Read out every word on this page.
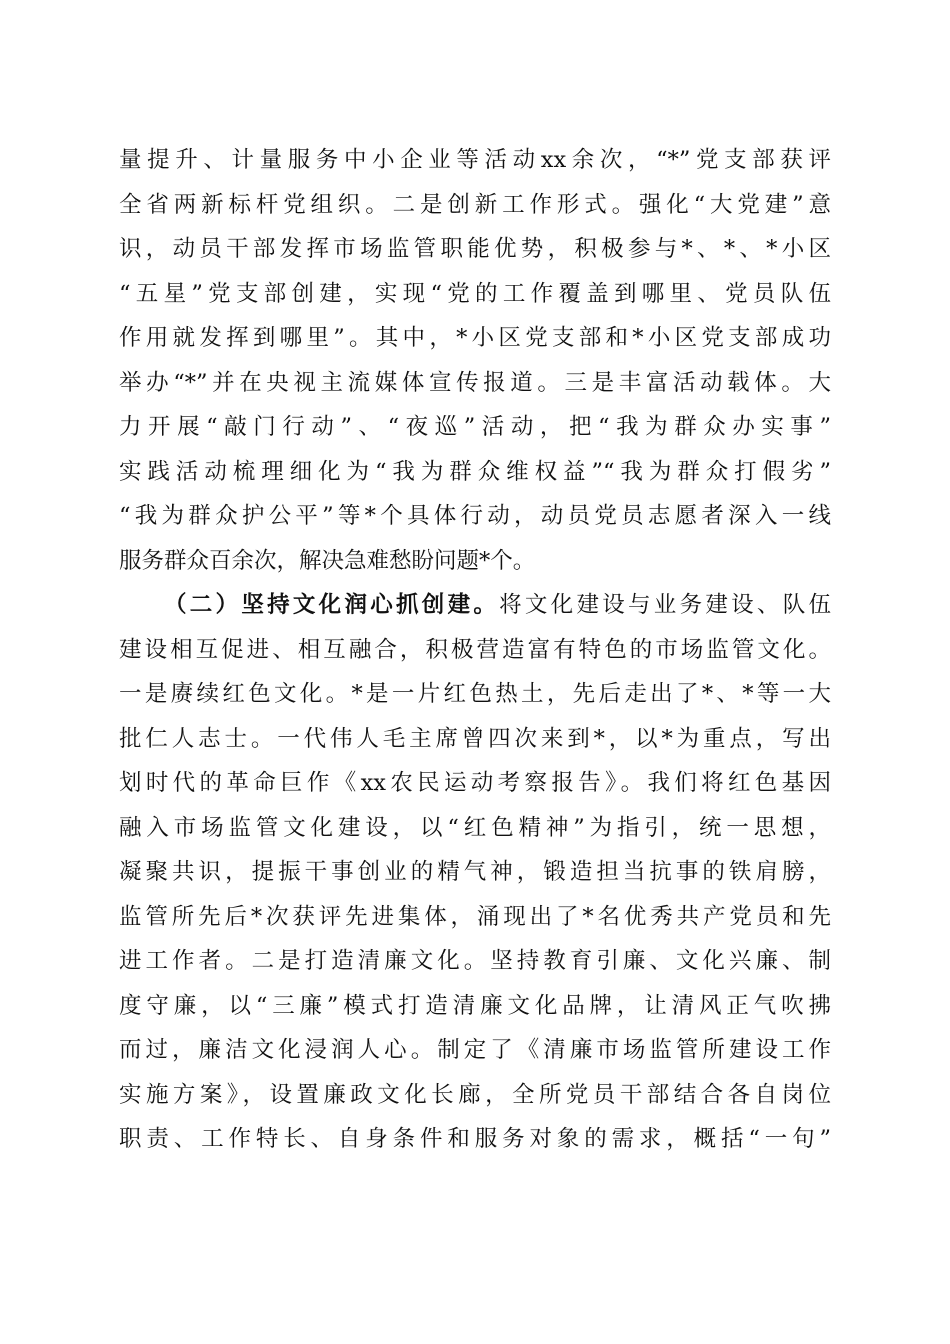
量提升、计量服务中小企业等活动xx余次，“*”党支部获评
全省两新标杆党组织。二是创新工作形式。强化“大党建”意
识，动员干部发挥市场监管职能优势，积极参与*、*、*小区
“五星”党支部创建，实现“党的工作覆盖到哪里、党员队伍
作用就发挥到哪里”。其中，*小区党支部和*小区党支部成功
举办“*”并在央视主流媒体宣传报道。三是丰富活动载体。大
力开展“敲门行动”、“夜巡”活动，把“我为群众办实事”
实践活动梳理细化为“我为群众维权益”“我为群众打假劣”
“我为群众护公平”等*个具体行动，动员党员志愿者深入一线
服务群众百余次，解决急难愁盼问题*个。
（二）坚持文化润心抓创建。将文化建设与业务建设、队伍
建设相互促进、相互融合，积极营造富有特色的市场监管文化。
一是赓续红色文化。*是一片红色热土，先后走出了*、*等一大
批仁人志士。一代伟人毛主席曾四次来到*，以*为重点，写出
划时代的革命巨作《xx农民运动考察报告》。我们将红色基因
融入市场监管文化建设，以“红色精神”为指引，统一思想，
凝聚共识，提振干事创业的精气神，锻造担当抗事的铁肩膀，
监管所先后*次获评先进集体，涌现出了*名优秀共产党员和先
进工作者。二是打造清廉文化。坚持教育引廉、文化兴廉、制
度守廉，以“三廉”模式打造清廉文化品牌，让清风正气吹拂
而过，廉洁文化浸润人心。制定了《清廉市场监管所建设工作
实施方案》，设置廉政文化长廊，全所党员干部结合各自岗位
职责、工作特长、自身条件和服务对象的需求，概括“一句”
